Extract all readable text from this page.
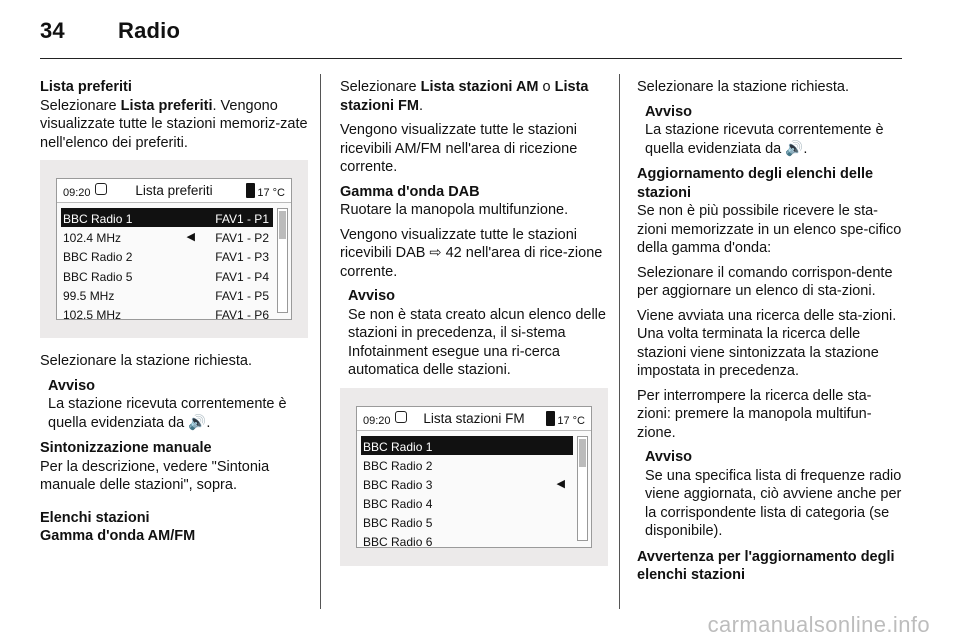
34 Radio
Lista preferiti

Selezionare Lista preferiti. Vengono visualizzate tutte le stazioni memoriz-zate nell'elenco dei preferiti.

09:20	Lista preferiti	17 °C
BBC Radio 1	FAV1 - P1
102.4 MHz	◀ FAV1 - P2
BBC Radio 2	FAV1 - P3
BBC Radio 5	FAV1 - P4
99.5 MHz	FAV1 - P5
102.5 MHz	FAV1 - P6

Selezionare la stazione richiesta.

Avviso
La stazione ricevuta correntemente è quella evidenziata da 🔊.
Sintonizzazione manuale

Per la descrizione, vedere "Sintonia manuale delle stazioni", sopra.

Elenchi stazioni
Gamma d'onda AM/FM

Selezionare Lista stazioni AM o Lista stazioni FM.

Vengono visualizzate tutte le stazioni ricevibili AM/FM nell'area di ricezione corrente.

Gamma d'onda DAB

Ruotare la manopola multifunzione.

Vengono visualizzate tutte le stazioni ricevibili DAB ⇨ 42 nell'area di rice-zione corrente.

Avviso
Se non è stata creato alcun elenco delle stazioni in precedenza, il si-stema Infotainment esegue una ri-cerca automatica delle stazioni.
09:20	Lista stazioni FM	17 °C
BBC Radio 1
BBC Radio 2
BBC Radio 3	◀
BBC Radio 4
BBC Radio 5
BBC Radio 6

Selezionare la stazione richiesta.

Avviso
La stazione ricevuta correntemente è quella evidenziata da 🔊.
Aggiornamento degli elenchi delle stazioni

Se non è più possibile ricevere le sta-zioni memorizzate in un elenco spe-cifico della gamma d'onda:

Selezionare il comando corrispon-dente per aggiornare un elenco di sta-zioni.

Viene avviata una ricerca delle sta-zioni. Una volta terminata la ricerca delle stazioni viene sintonizzata la stazione impostata in precedenza.

Per interrompere la ricerca delle sta-zioni: premere la manopola multifun-zione.

Avviso
Se una specifica lista di frequenze radio viene aggiornata, ciò avviene anche per la corrispondente lista di categoria (se disponibile).
Avvertenza per l'aggiornamento degli elenchi stazioni
carmanualsonline.info
